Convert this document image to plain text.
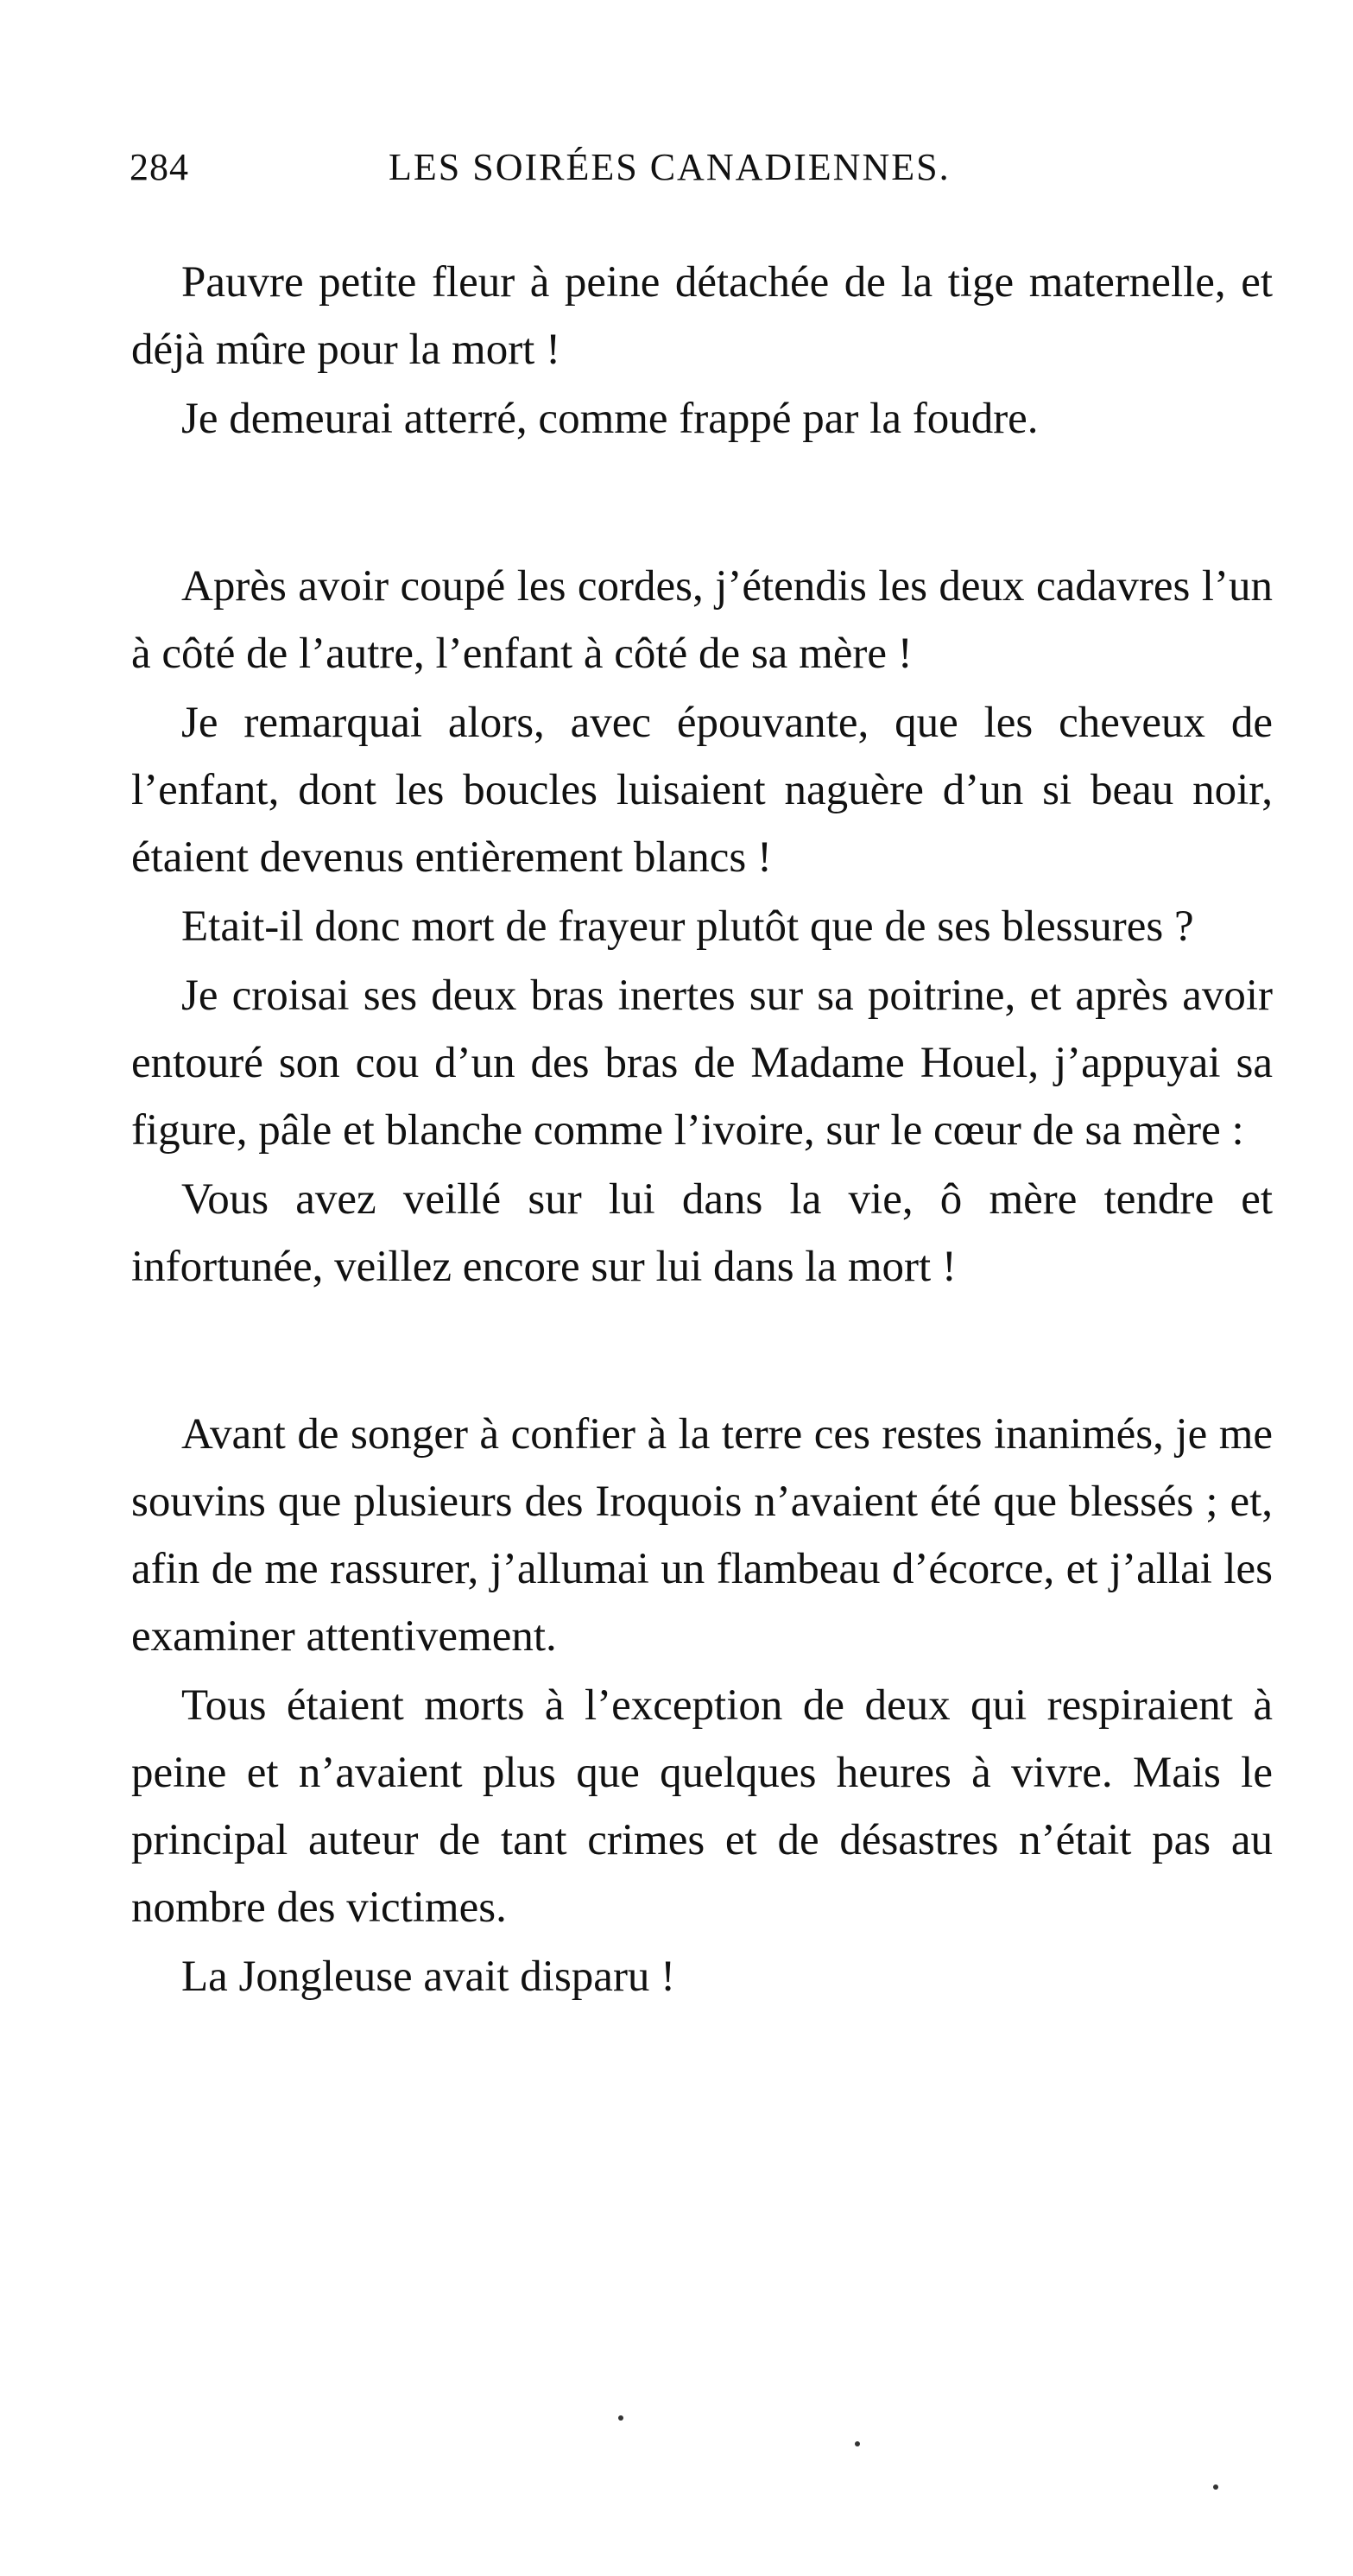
284	LES SOIRÉES CANADIENNES.

Pauvre petite fleur à peine détachée de la tige maternelle, et déjà mûre pour la mort !

Je demeurai atterré, comme frappé par la foudre.

Après avoir coupé les cordes, j’étendis les deux cadavres l’un à côté de l’autre, l’enfant à côté de sa mère !

Je remarquai alors, avec épouvante, que les cheveux de l’enfant, dont les boucles luisaient naguère d’un si beau noir, étaient devenus entièrement blancs !

Etait-il donc mort de frayeur plutôt que de ses blessures ?

Je croisai ses deux bras inertes sur sa poitrine, et après avoir entouré son cou d’un des bras de Madame Houel, j’appuyai sa figure, pâle et blanche comme l’ivoire, sur le cœur de sa mère :

Vous avez veillé sur lui dans la vie, ô mère tendre et infortunée, veillez encore sur lui dans la mort !

Avant de songer à confier à la terre ces restes inanimés, je me souvins que plusieurs des Iroquois n’avaient été que blessés ; et, afin de me rassurer, j’allumai un flambeau d’écorce, et j’allai les examiner attentivement.

Tous étaient morts à l’exception de deux qui respiraient à peine et n’avaient plus que quelques heures à vivre. Mais le principal auteur de tant crimes et de désastres n’était pas au nombre des victimes.

La Jongleuse avait disparu !
